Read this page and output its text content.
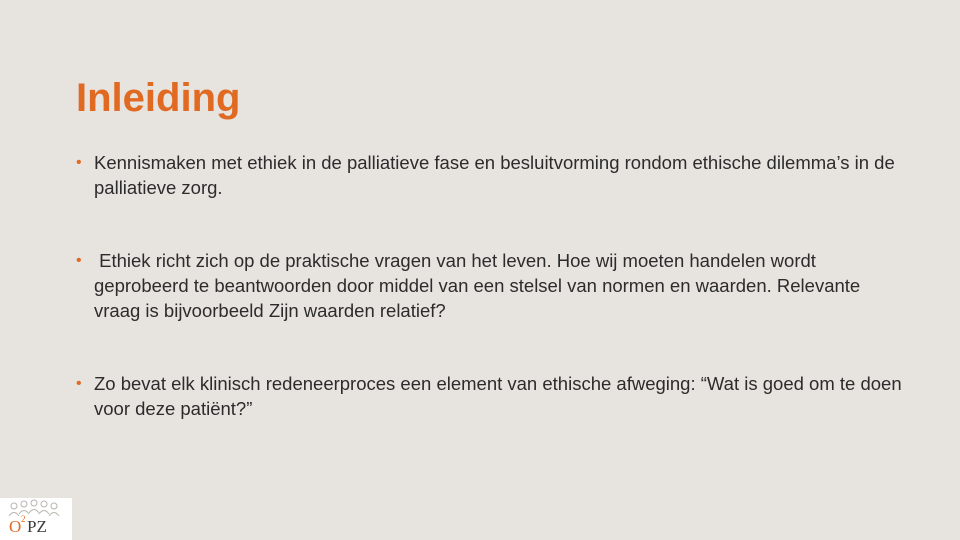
Inleiding
• Kennismaken met ethiek in de palliatieve fase en besluitvorming rondom ethische dilemma’s in de palliatieve zorg.
• Ethiek richt zich op de praktische vragen van het leven. Hoe wij moeten handelen wordt geprobeerd te beantwoorden door middel van een stelsel van normen en waarden. Relevante vraag is bijvoorbeeld Zijn waarden relatief?
• Zo bevat elk klinisch redeneerproces een element van ethische afweging: “Wat is goed om te doen voor deze patiënt?”
O 2 PZ
